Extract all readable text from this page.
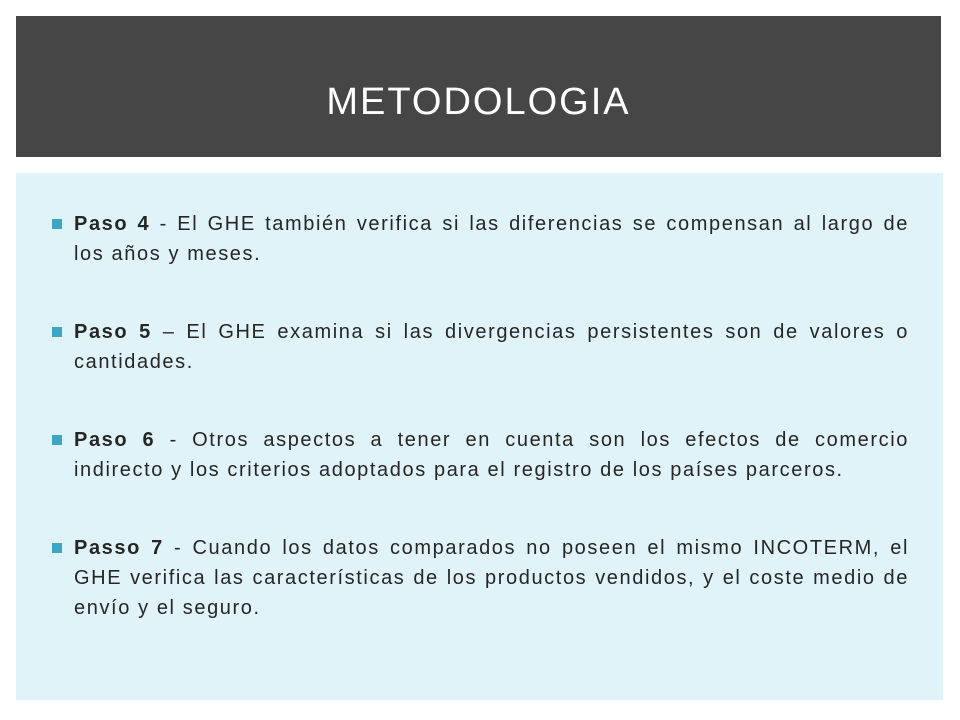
METODOLOGIA
Paso 4 - El GHE también verifica si las diferencias se compensan al largo de los años y meses.
Paso 5 – El GHE examina si las divergencias persistentes son de valores o cantidades.
Paso 6 - Otros aspectos a tener en cuenta son los efectos de comercio indirecto y los criterios adoptados para el registro de los países parceros.
Passo 7 - Cuando los datos comparados no poseen el mismo INCOTERM, el GHE verifica las características de los productos vendidos, y el coste medio de envío y el seguro.
